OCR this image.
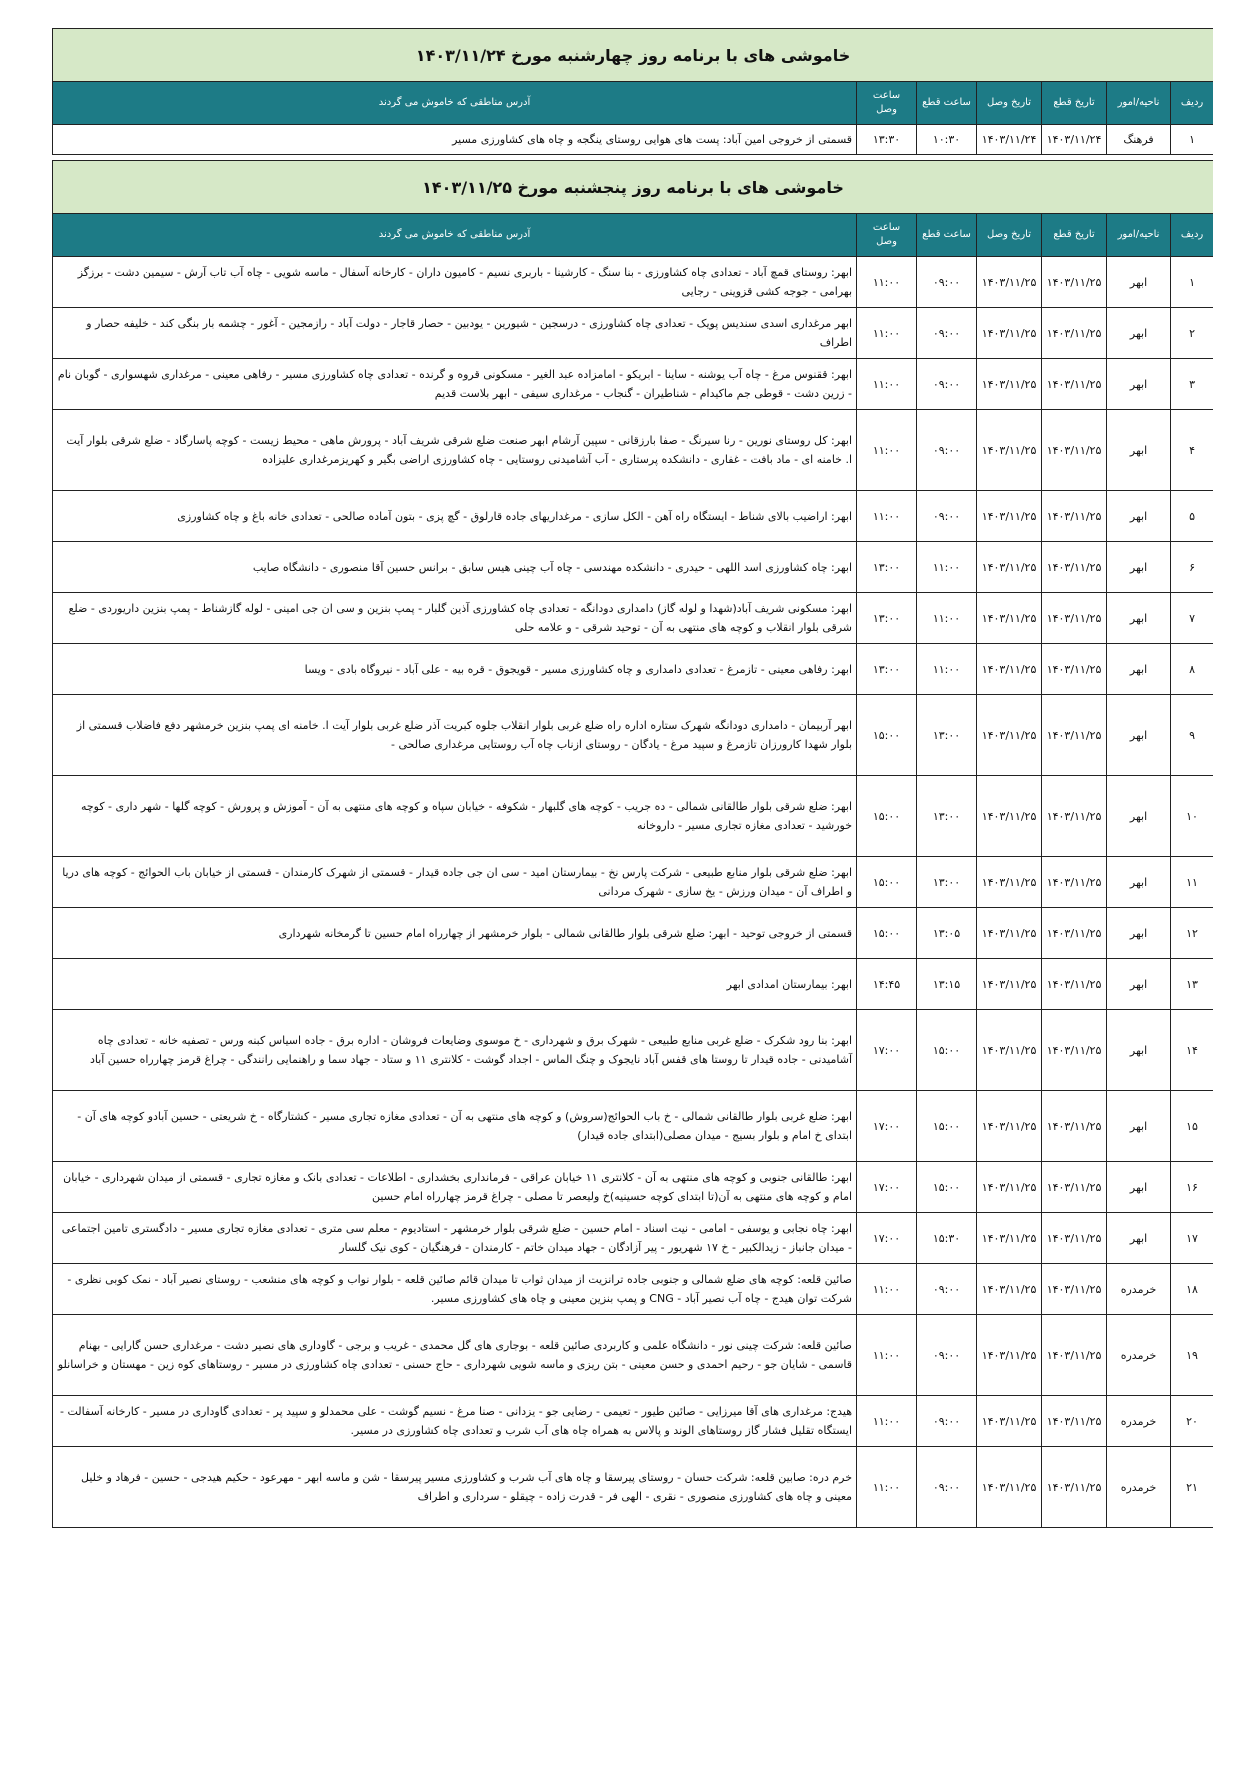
خاموشی های با برنامه روز چهارشنبه مورخ ۱۴۰۳/۱۱/۲۴						
ردیف	ناحیه/امور	تاریخ قطع	تاریخ وصل	ساعت قطع	ساعت وصل	آدرس مناطقی که خاموش می گردند
۱	فرهنگ	۱۴۰۳/۱۱/۲۴	۱۴۰۳/۱۱/۲۴	۱۰:۳۰	۱۳:۳۰	قسمتی از خروجی امین آباد: پست های هوایی روستای ینگجه و چاه های کشاورزی مسیر

خاموشی های با برنامه روز پنجشنبه مورخ ۱۴۰۳/۱۱/۲۵						
ردیف	ناحیه/امور	تاریخ قطع	تاریخ وصل	ساعت قطع	ساعت وصل	آدرس مناطقی که خاموش می گردند
۱	ابهر	۱۴۰۳/۱۱/۲۵	۱۴۰۳/۱۱/۲۵	۰۹:۰۰	۱۱:۰۰	ابهر: روستای قمچ آباد - تعدادی چاه کشاورزی - بنا سنگ - کارشینا - باربری نسیم - کامیون داران - کارخانه آسفال - ماسه شویی - چاه آب تاب آرش - سیمین دشت - برزگز بهرامی - جوجه کشی قزوینی - رجایی
۲	ابهر	۱۴۰۳/۱۱/۲۵	۱۴۰۳/۱۱/۲۵	۰۹:۰۰	۱۱:۰۰	ابهر مرغداری اسدی سندیس پویک - تعدادی چاه کشاورزی - درسجین - شیورین - یودبین - حصار قاجار - دولت آباد - رازمجین - آغور - چشمه بار بنگی کند - خلیفه حصار و اطراف
۳	ابهر	۱۴۰۳/۱۱/۲۵	۱۴۰۳/۱۱/۲۵	۰۹:۰۰	۱۱:۰۰	ابهر: ققنوس مرغ - چاه آب یوشنه - ساینا - ابریکو - امامزاده عبد الغیر - مسکونی قروه و گرنده - تعدادی چاه کشاورزی مسیر - رفاهی معینی - مرغداری شهسواری - گوبان نام - زرین دشت - قوطی جم ماکیدام - شناطیران - گنجاب - مرغداری سیفی - ابهر بلاست قدیم
۴	ابهر	۱۴۰۳/۱۱/۲۵	۱۴۰۳/۱۱/۲۵	۰۹:۰۰	۱۱:۰۰	ابهر: کل روستای نورین - رنا سیرنگ - صفا بارزقانی - سپین آرشام ابهر صنعت ضلع شرقی شریف آباد - پرورش ماهی - محیط زیست - کوچه پاسارگاد - ضلع شرقی بلوار آیت ا. خامنه ای - ماد بافت - غفاری - دانشکده پرستاری - آب آشامیدنی روستایی - چاه کشاورزی اراضی بگیر و کهریزمرغداری علیزاده
۵	ابهر	۱۴۰۳/۱۱/۲۵	۱۴۰۳/۱۱/۲۵	۰۹:۰۰	۱۱:۰۰	ابهر: اراضیب بالای شناط - ایستگاه راه آهن - الکل سازی - مرغداریهای جاده قارلوق - گچ پزی - بتون آماده صالحی - تعدادی خانه باغ و چاه کشاورزی
۶	ابهر	۱۴۰۳/۱۱/۲۵	۱۴۰۳/۱۱/۲۵	۱۱:۰۰	۱۳:۰۰	ابهر: چاه کشاورزی اسد اللهی - حیدری - دانشکده مهندسی - چاه آب چینی هیس سابق - برانس حسین آقا منصوری - دانشگاه صایب
۷	ابهر	۱۴۰۳/۱۱/۲۵	۱۴۰۳/۱۱/۲۵	۱۱:۰۰	۱۳:۰۰	ابهر: مسکونی شریف آباد(شهدا و لوله گاز) دامداری دودانگه - تعدادی چاه کشاورزی آذین گلبار - پمپ بنزین و سی ان جی امینی - لوله گازشناط - پمپ بنزین داریوردی - ضلع شرقی بلوار انقلاب و کوچه های منتهی به آن - توحید شرقی - و علامه حلی
۸	ابهر	۱۴۰۳/۱۱/۲۵	۱۴۰۳/۱۱/۲۵	۱۱:۰۰	۱۳:۰۰	ابهر: رفاهی معینی - تازمرغ - تعدادی دامداری و چاه کشاورزی مسیر - قویجوق - قره بیه - علی آباد - نیروگاه بادی - ویسا
۹	ابهر	۱۴۰۳/۱۱/۲۵	۱۴۰۳/۱۱/۲۵	۱۳:۰۰	۱۵:۰۰	ابهر آربیمان - دامداری دودانگه شهرک ستاره اداره راه ضلع غربی بلوار انقلاب جلوه کبریت آذر ضلع غربی بلوار آیت ا. خامنه ای پمپ بنزین خرمشهر دفع فاضلاب قسمتی از بلوار شهدا کارورزان تازمرغ و سپید مرغ - یادگان - روستای ازناب چاه آب روستایی مرغداری صالحی -
۱۰	ابهر	۱۴۰۳/۱۱/۲۵	۱۴۰۳/۱۱/۲۵	۱۳:۰۰	۱۵:۰۰	ابهر: ضلع شرقی بلوار طالقانی شمالی - ده جریب - کوچه های گلبهار - شکوفه - خیابان سپاه و کوچه های منتهی به آن - آموزش و پرورش - کوچه گلها - شهر داری - کوچه خورشید - تعدادی مغازه تجاری مسیر - داروخانه
۱۱	ابهر	۱۴۰۳/۱۱/۲۵	۱۴۰۳/۱۱/۲۵	۱۳:۰۰	۱۵:۰۰	ابهر: ضلع شرقی بلوار منابع طبیعی - شرکت پارس نخ - بیمارستان امید - سی ان جی جاده قیدار - قسمتی از شهرک کارمندان - قسمتی از خیابان باب الحوائج - کوچه های دریا و اطراف آن - میدان ورزش - یخ سازی - شهرک مردانی
۱۲	ابهر	۱۴۰۳/۱۱/۲۵	۱۴۰۳/۱۱/۲۵	۱۳:۰۵	۱۵:۰۰	قسمتی از خروجی توحید - ابهر: ضلع شرقی بلوار طالقانی شمالی - بلوار خرمشهر از چهارراه امام حسین تا گرمخانه شهرداری
۱۳	ابهر	۱۴۰۳/۱۱/۲۵	۱۴۰۳/۱۱/۲۵	۱۳:۱۵	۱۴:۴۵	ابهر: بیمارستان امدادی ابهر
۱۴	ابهر	۱۴۰۳/۱۱/۲۵	۱۴۰۳/۱۱/۲۵	۱۵:۰۰	۱۷:۰۰	ابهر: بنا رود شکرک - ضلع غربی منابع طبیعی - شهرک برق و شهرداری - خ موسوی وضایعات فروشان - اداره برق - جاده اسیاس کبنه ورس - تصفیه خانه - تعدادی چاه آشامیدنی - جاده قیدار تا روستا های قفس آباد نایجوک و چنگ الماس - اجداد گوشت - کلانتری ۱۱ و ستاد - جهاد سما و راهنمایی رانندگی - چراغ قرمز چهارراه حسین آباد
۱۵	ابهر	۱۴۰۳/۱۱/۲۵	۱۴۰۳/۱۱/۲۵	۱۵:۰۰	۱۷:۰۰	ابهر: ضلع غربی بلوار طالقانی شمالی - خ باب الحوائج(سروش) و کوچه های منتهی به آن - تعدادی مغازه تجاری مسیر - کشتارگاه - خ شریعتی - حسین آبادو کوچه های آن - ابتدای خ امام و بلوار بسیج - میدان مصلی(ابتدای جاده قیدار)
۱۶	ابهر	۱۴۰۳/۱۱/۲۵	۱۴۰۳/۱۱/۲۵	۱۵:۰۰	۱۷:۰۰	ابهر: طالقانی جنوبی و کوچه های منتهی به آن - کلانتری ۱۱ خیابان عراقی - فرمانداری بخشداری - اطلاعات - تعدادی بانک و مغازه تجاری - قسمتی از میدان شهرداری - خیابان امام و کوچه های منتهی به آن(تا ابتدای کوچه حسینیه)خ ولیعصر تا مصلی - چراغ قرمز چهارراه امام حسین
۱۷	ابهر	۱۴۰۳/۱۱/۲۵	۱۴۰۳/۱۱/۲۵	۱۵:۳۰	۱۷:۰۰	ابهر: چاه نجابی و یوسفی - امامی - نیت اسناد - امام حسین - ضلع شرقی بلوار خرمشهر - استادیوم - معلم سی متری - تعدادی مغازه تجاری مسیر - دادگستری تامین اجتماعی - میدان جانباز - زیدالکبیر - خ ۱۷ شهریور - پیر آزادگان - جهاد میدان خاتم - کارمندان - فرهنگیان - کوی نیک گلسار
۱۸	خرمدره	۱۴۰۳/۱۱/۲۵	۱۴۰۳/۱۱/۲۵	۰۹:۰۰	۱۱:۰۰	صائین قلعه: کوچه های ضلع شمالی و جنوبی جاده ترانزیت از میدان ثواب تا میدان قائم صائین قلعه - بلوار نواب و کوچه های منشعب - روستای نصیر آباد - نمک کوبی نظری - شرکت توان هیدج - چاه آب نصیر آباد - CNG و پمپ بنزین معینی و چاه های کشاورزی مسیر.
۱۹	خرمدره	۱۴۰۳/۱۱/۲۵	۱۴۰۳/۱۱/۲۵	۰۹:۰۰	۱۱:۰۰	صائین قلعه: شرکت چینی نور - دانشگاه علمی و کاربردی صائین قلعه - بوجاری های گل محمدی - غریب و برجی - گاوداری های نصیر دشت - مرغداری حسن گارایی - بهنام قاسمی - شایان جو - رحیم احمدی و حسن معینی - بتن ریزی و ماسه شویی شهرداری - حاج حسنی - تعدادی چاه کشاورزی در مسیر - روستاهای کوه زین - مهستان و خراسانلو
۲۰	خرمدره	۱۴۰۳/۱۱/۲۵	۱۴۰۳/۱۱/۲۵	۰۹:۰۰	۱۱:۰۰	هیدج: مرغداری های آقا میرزایی - صائین طیور - تعیمی - رضایی جو - یزدانی - صنا مرغ - نسیم گوشت - علی محمدلو و سپید پر - تعدادی گاوداری در مسیر - کارخانه آسفالت - ایستگاه تقلیل فشار گاز روستاهای الوند و پالاس به همراه چاه های آب شرب و تعدادی چاه کشاورزی در مسیر.
۲۱	خرمدره	۱۴۰۳/۱۱/۲۵	۱۴۰۳/۱۱/۲۵	۰۹:۰۰	۱۱:۰۰	خرم دره: صابین قلعه: شرکت حسان - روستای پیرسقا و چاه های آب شرب و کشاورزی مسیر پیرسقا - شن و ماسه ابهر - مهرعود - حکیم هیدجی - حسین - فرهاد و خلیل معینی و چاه های کشاورزی منصوری - نقری - الهی فر - قدرت زاده - چیقلو - سرداری و اطراف
